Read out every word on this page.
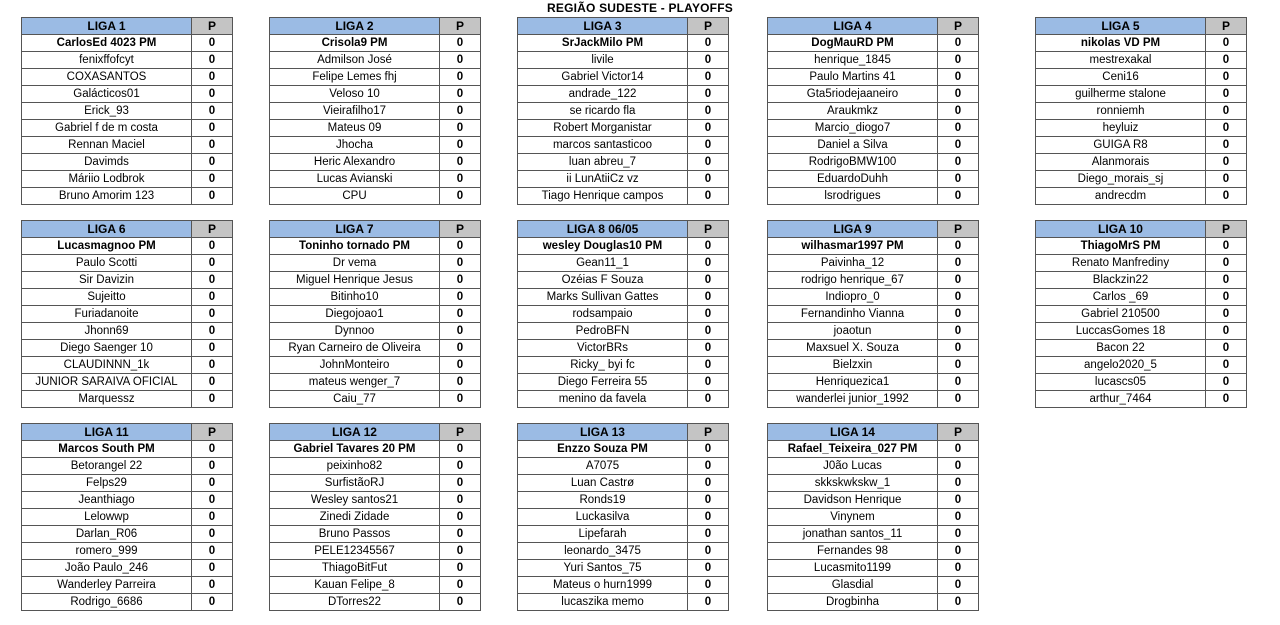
REGIÃO SUDESTE - PLAYOFFS
LIGA 1	P
CarlosEd 4023 PM	0
fenixffofcyt	0
COXASANTOS	0
Galácticos01	0
Erick_93	0
Gabriel f de m costa	0
Rennan Maciel	0
Davimds	0
Máriio Lodbrok	0
Bruno Amorim 123	0
LIGA 2	P
Crisola9 PM	0
Admilson José	0
Felipe Lemes fhj	0
Veloso 10	0
Vieirafilho17	0
Mateus 09	0
Jhocha	0
Heric Alexandro	0
Lucas Avianski	0
CPU	0
LIGA 3	P
SrJackMilo PM	0
livile	0
Gabriel Victor14	0
andrade_122	0
se ricardo fla	0
Robert Morganistar	0
marcos santasticoo	0
luan abreu_7	0
ii LunAtiiCz vz	0
Tiago Henrique campos	0
LIGA 4	P
DogMauRD PM	0
henrique_1845	0
Paulo Martins 41	0
Gta5riodejaaneiro	0
Araukmkz	0
Marcio_diogo7	0
Daniel a Silva	0
RodrigoBMW100	0
EduardoDuhh	0
lsrodrigues	0
LIGA 5	P
nikolas VD PM	0
mestrexakal	0
Ceni16	0
guilherme stalone	0
ronniemh	0
heyluiz	0
GUIGA R8	0
Alanmorais	0
Diego_morais_sj	0
andrecdm	0
LIGA 6	P
Lucasmagnoo PM	0
Paulo Scotti	0
Sir Davizin	0
Sujeitto	0
Furiadanoite	0
Jhonn69	0
Diego Saenger 10	0
CLAUDINNN_1k	0
JUNIOR SARAIVA OFICIAL	0
Marquessz	0
LIGA 7	P
Toninho tornado PM	0
Dr vema	0
Miguel Henrique Jesus	0
Bitinho10	0
Diegojoao1	0
Dynnoo	0
Ryan Carneiro de Oliveira	0
JohnMonteiro	0
mateus wenger_7	0
Caiu_77	0
LIGA 8 06/05	P
wesley Douglas10 PM	0
Gean11_1	0
Ozéias F Souza	0
Marks Sullivan Gattes	0
rodsampaio	0
PedroBFN	0
VictorBRs	0
Ricky_ byi fc	0
Diego Ferreira 55	0
menino da favela	0
LIGA 9	P
wilhasmar1997 PM	0
Paivinha_12	0
rodrigo henrique_67	0
Indiopro_0	0
Fernandinho Vianna	0
joaotun	0
Maxsuel X. Souza	0
Bielzxin	0
Henriquezica1	0
wanderlei junior_1992	0
LIGA 10	P
ThiagoMrS PM	0
Renato Manfrediny	0
Blackzin22	0
Carlos _69	0
Gabriel 210500	0
LuccasGomes 18	0
Bacon 22	0
angelo2020_5	0
lucascs05	0
arthur_7464	0
LIGA 11	P
Marcos South PM	0
Betorangel 22	0
Felps29	0
Jeanthiago	0
Lelowwp	0
Darlan_R06	0
romero_999	0
João Paulo_246	0
Wanderley Parreira	0
Rodrigo_6686	0
LIGA 12	P
Gabriel Tavares 20 PM	0
peixinho82	0
SurfistãoRJ	0
Wesley santos21	0
Zinedi Zidade	0
Bruno Passos	0
PELE12345567	0
ThiagoBitFut	0
Kauan Felipe_8	0
DTorres22	0
LIGA 13	P
Enzzo Souza PM	0
A7075	0
Luan Castrø	0
Ronds19	0
Luckasilva	0
Lipefarah	0
leonardo_3475	0
Yuri Santos_75	0
Mateus o hurn1999	0
lucaszika memo	0
LIGA 14	P
Rafael_Teixeira_027 PM	0
J0ão Lucas	0
skkskwkskw_1	0
Davidson Henrique	0
Vinynem	0
jonathan santos_11	0
Fernandes 98	0
Lucasmito1199	0
Glasdial	0
Drogbinha	0
